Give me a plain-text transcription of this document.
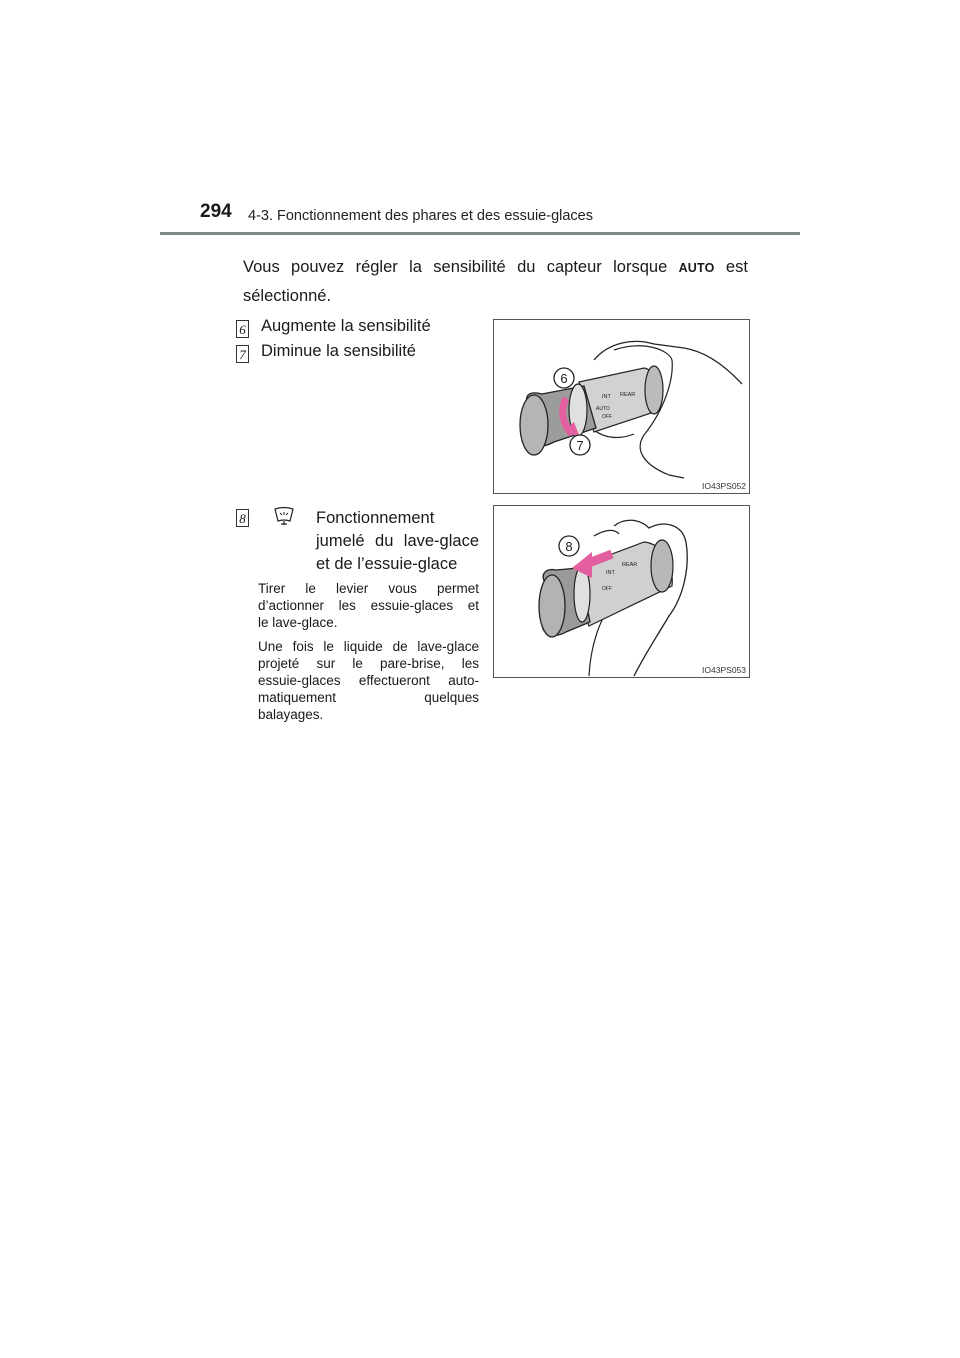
294 4-3. Fonctionnement des phares et des essuie-glaces
Vous pouvez régler la sensibilité du capteur lorsque AUTO est
sélectionné.
6 Augmente la sensibilité
7 Diminue la sensibilité
INT
AUTO
OFF
REAR
6
7
IO43PS052
8	Fonctionnement
jumelé du lave-glace
et de l’essuie-glace
Tirer le levier vous permet
d’actionner les essuie-glaces et
le lave-glace.
Une fois le liquide de lave-glace
projeté sur le pare-brise, les
essuie-glaces effectueront auto-
matiquement	quelques
balayages.
INT
OFF
REAR
8
IO43PS053
